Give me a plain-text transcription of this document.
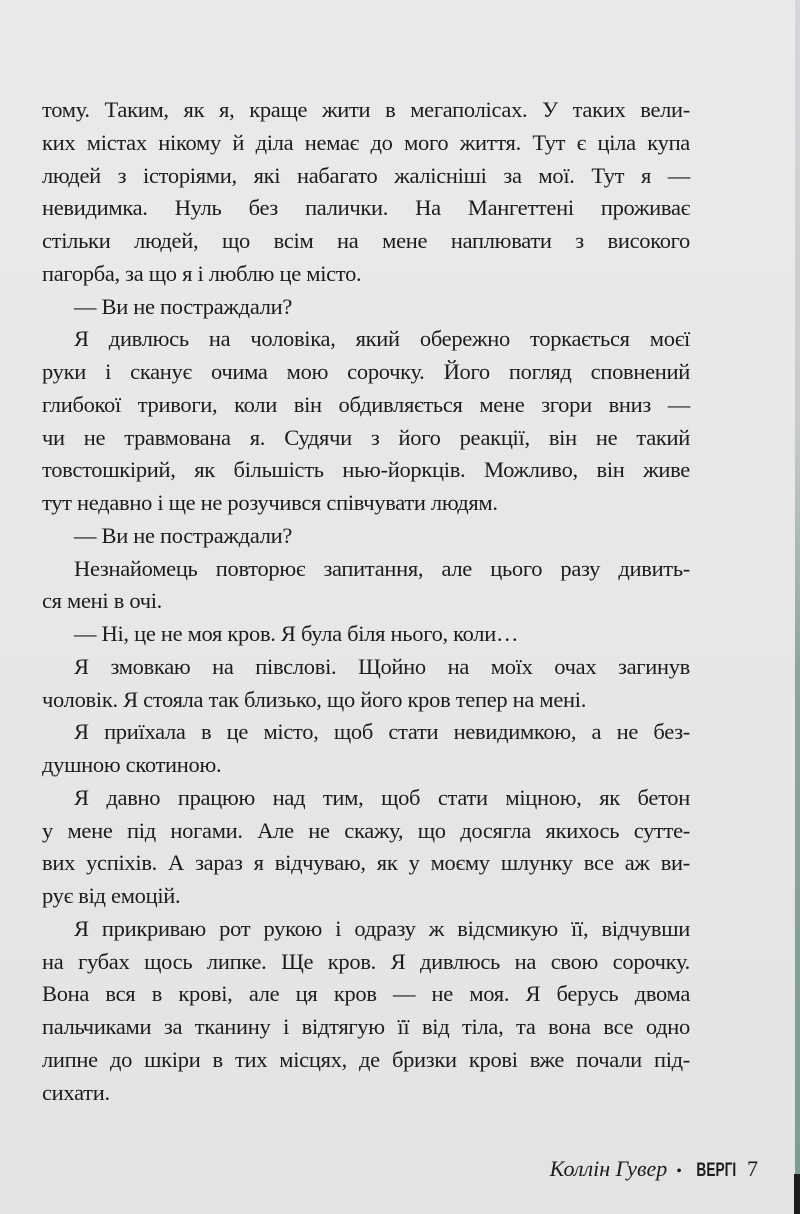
тому. Таким, як я, краще жити в мегаполісах. У таких вели-
ких містах нікому й діла немає до мого життя. Тут є ціла купа
людей з історіями, які набагато жалісніші за мої. Тут я —
невидимка. Нуль без палички. На Мангеттені проживає
стільки людей, що всім на мене наплювати з високого
пагорба, за що я і люблю це місто.
— Ви не постраждали?
Я дивлюсь на чоловіка, який обережно торкається моєї
руки і сканує очима мою сорочку. Його погляд сповнений
глибокої тривоги, коли він обдивляється мене згори вниз —
чи не травмована я. Судячи з його реакції, він не такий
товстошкірий, як більшість нью-йоркців. Можливо, він живе
тут недавно і ще не розучився співчувати людям.
— Ви не постраждали?
Незнайомець повторює запитання, але цього разу дивить-
ся мені в очі.
— Ні, це не моя кров. Я була біля нього, коли…
Я змовкаю на півслові. Щойно на моїх очах загинув
чоловік. Я стояла так близько, що його кров тепер на мені.
Я приїхала в це місто, щоб стати невидимкою, а не без-
душною скотиною.
Я давно працюю над тим, щоб стати міцною, як бетон
у мене під ногами. Але не скажу, що досягла якихось сутте-
вих успіхів. А зараз я відчуваю, як у моєму шлунку все аж ви-
рує від емоцій.
Я прикриваю рот рукою і одразу ж відсмикую її, відчувши
на губах щось липке. Ще кров. Я дивлюсь на свою сорочку.
Вона вся в крові, але ця кров — не моя. Я берусь двома
пальчиками за тканину і відтягую її від тіла, та вона все одно
липне до шкіри в тих місцях, де бризки крові вже почали під-
сихати.
Коллін Гувер • ВЕРГІ 7
